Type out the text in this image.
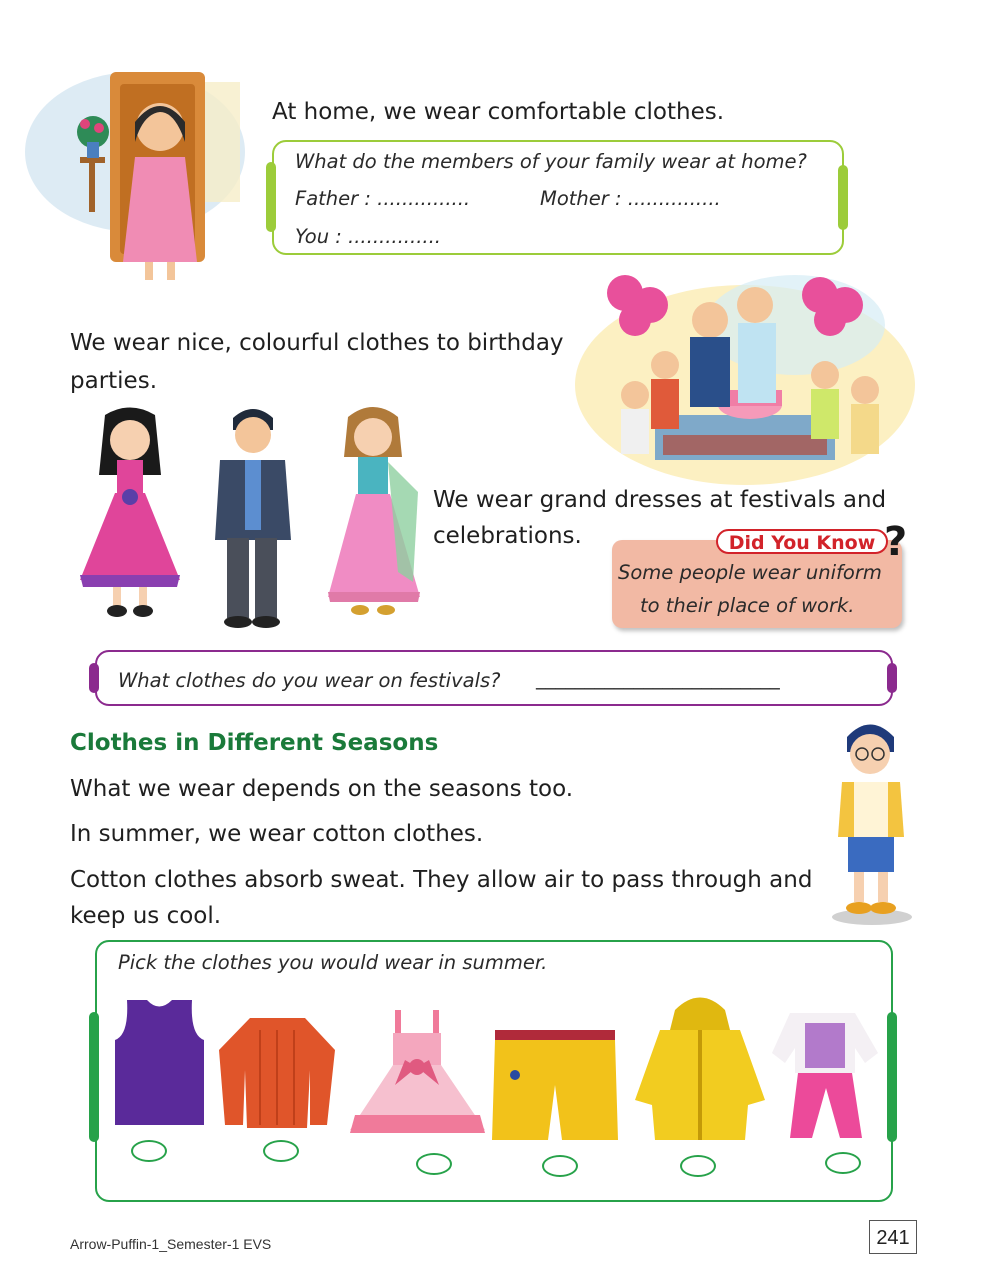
At home, we wear comfortable clothes.
What do the members of your family wear at home?
Father : ...............	Mother : ...............
You : ...............
We wear nice, colourful clothes to birthday
parties.
We wear grand dresses at festivals and
celebrations.	Did You Know ?
Some people wear uniform
to their place of work.
What clothes do you wear on festivals? _________________________
Clothes in Different Seasons
What we wear depends on the seasons too.
In summer, we wear cotton clothes.
Cotton clothes absorb sweat. They allow air to pass through and
keep us cool.
Pick the clothes you would wear in summer.
Arrow-Puffin-1_Semester-1 EVS	241
